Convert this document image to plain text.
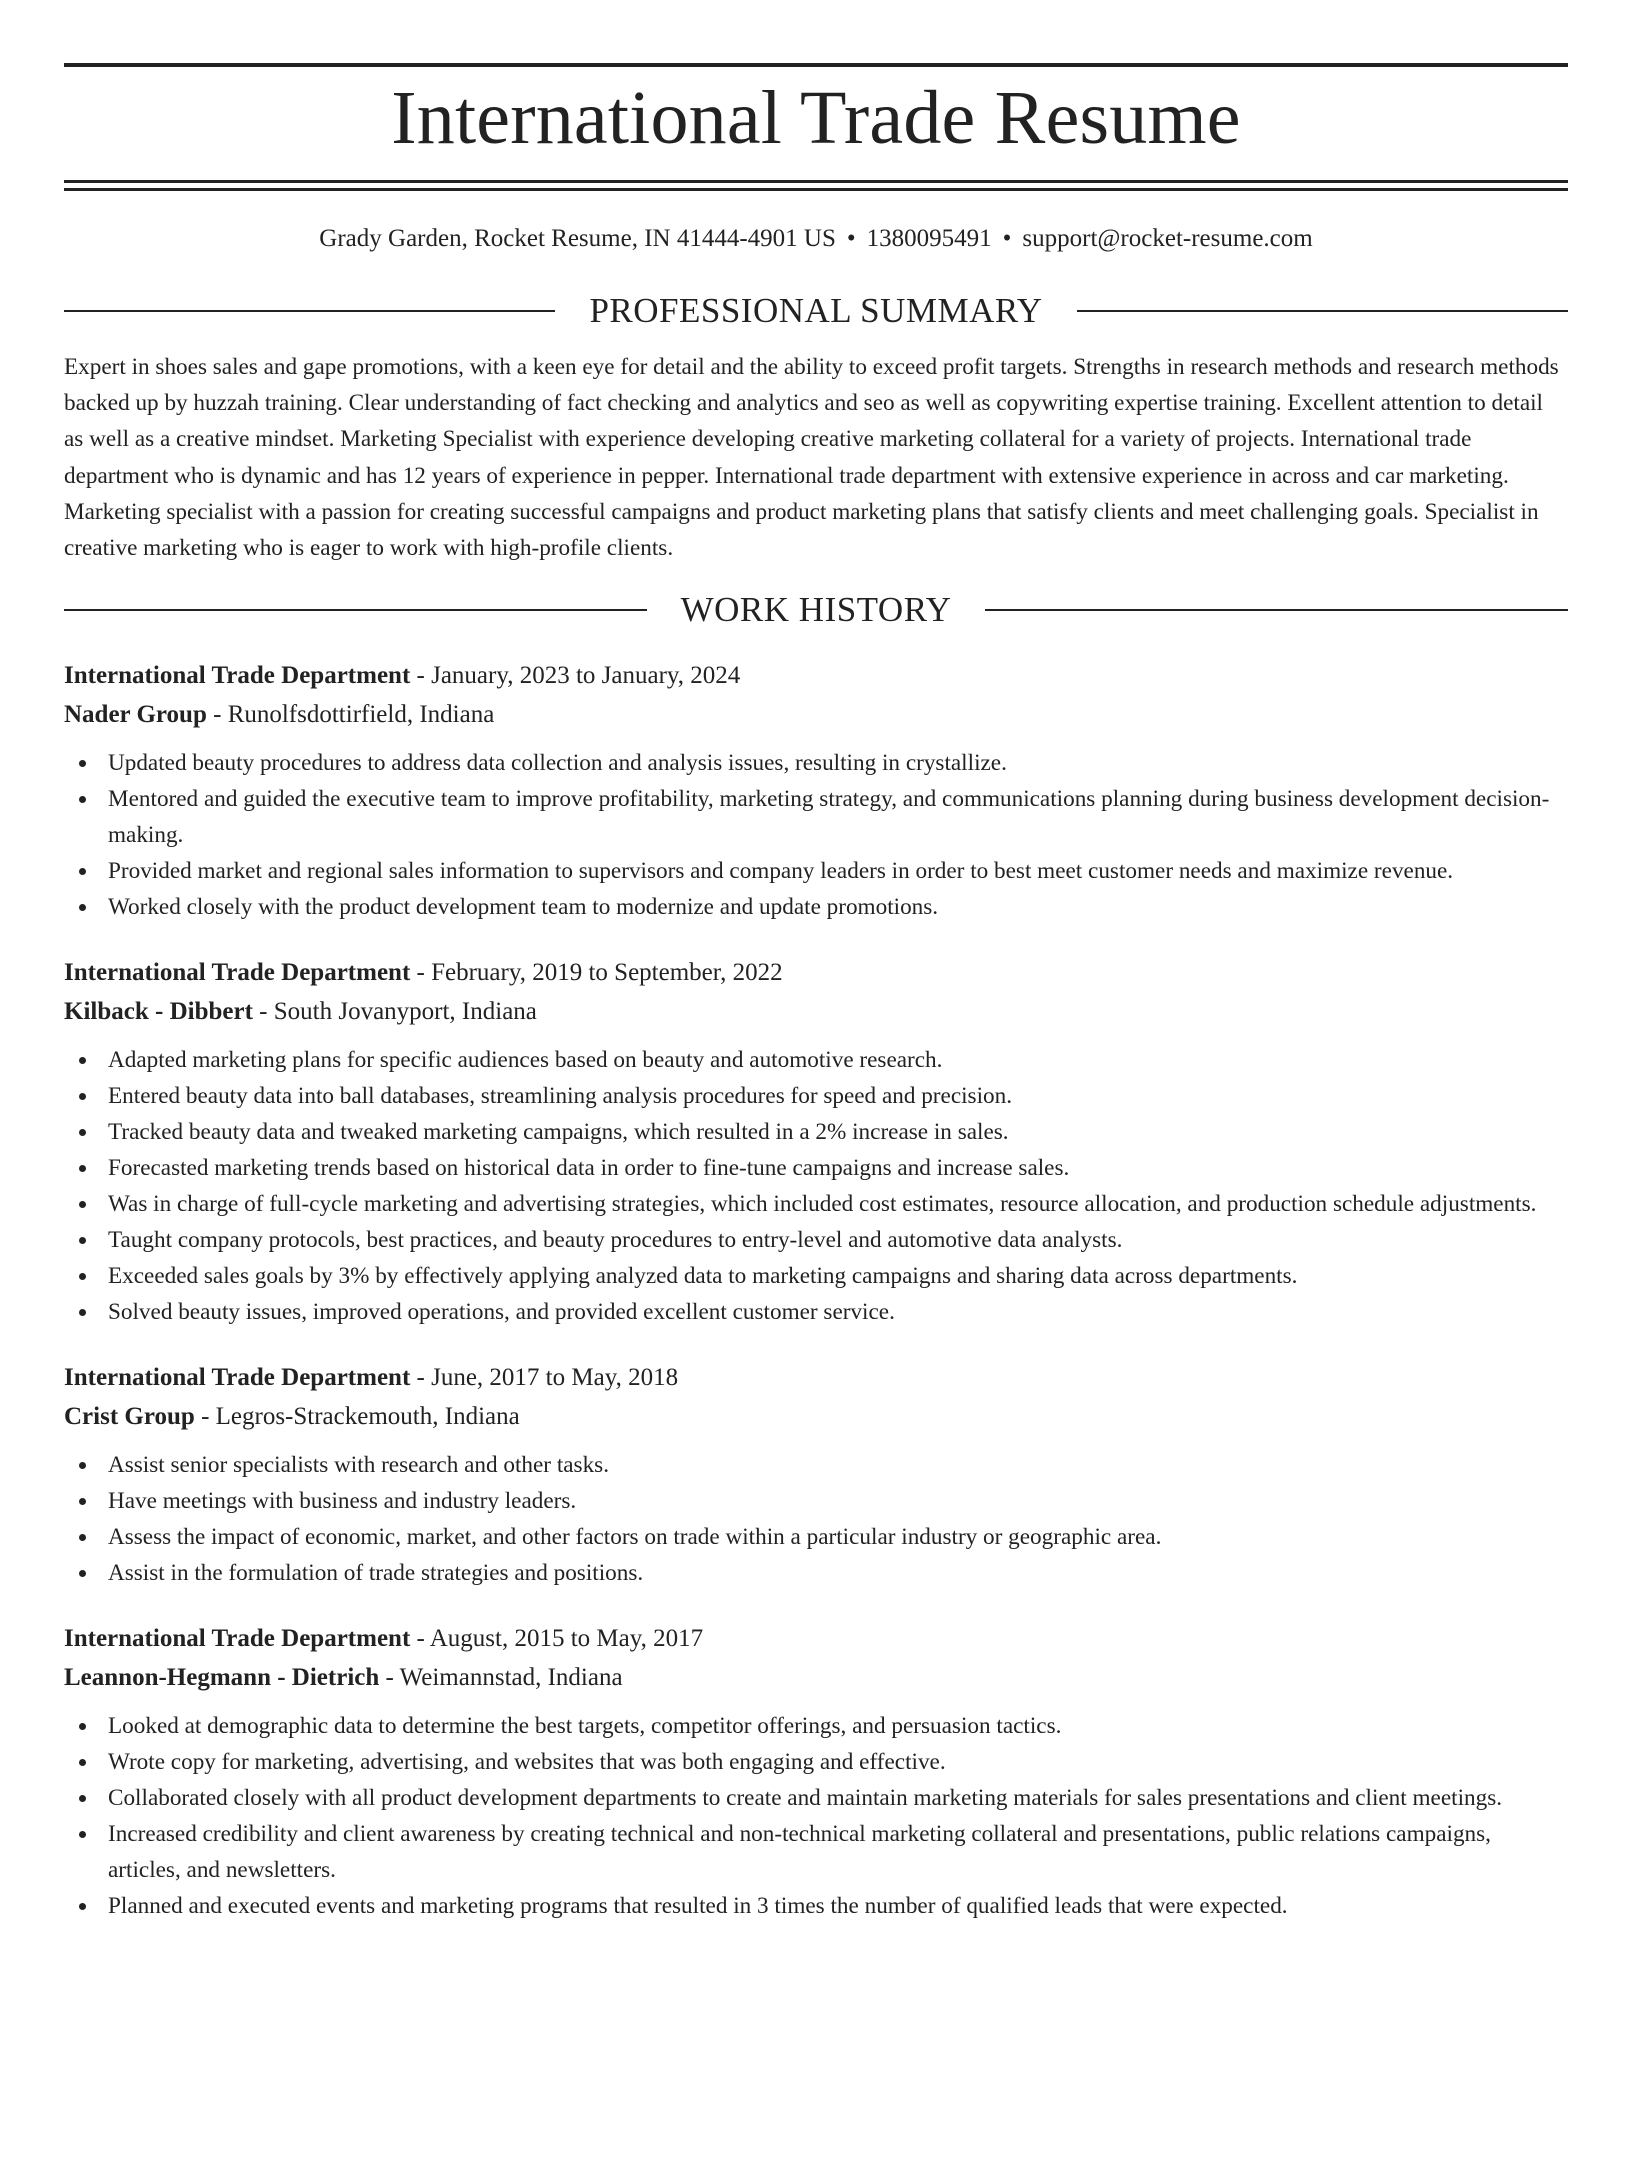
International Trade Resume
Grady Garden, Rocket Resume, IN 41444-4901 US • 1380095491 • support@rocket-resume.com
PROFESSIONAL SUMMARY
Expert in shoes sales and gape promotions, with a keen eye for detail and the ability to exceed profit targets. Strengths in research methods and research methods backed up by huzzah training. Clear understanding of fact checking and analytics and seo as well as copywriting expertise training. Excellent attention to detail as well as a creative mindset. Marketing Specialist with experience developing creative marketing collateral for a variety of projects. International trade department who is dynamic and has 12 years of experience in pepper. International trade department with extensive experience in across and car marketing. Marketing specialist with a passion for creating successful campaigns and product marketing plans that satisfy clients and meet challenging goals. Specialist in creative marketing who is eager to work with high-profile clients.
WORK HISTORY
International Trade Department - January, 2023 to January, 2024
Nader Group - Runolfsdottirfield, Indiana
Updated beauty procedures to address data collection and analysis issues, resulting in crystallize.
Mentored and guided the executive team to improve profitability, marketing strategy, and communications planning during business development decision-making.
Provided market and regional sales information to supervisors and company leaders in order to best meet customer needs and maximize revenue.
Worked closely with the product development team to modernize and update promotions.
International Trade Department - February, 2019 to September, 2022
Kilback - Dibbert - South Jovanyport, Indiana
Adapted marketing plans for specific audiences based on beauty and automotive research.
Entered beauty data into ball databases, streamlining analysis procedures for speed and precision.
Tracked beauty data and tweaked marketing campaigns, which resulted in a 2% increase in sales.
Forecasted marketing trends based on historical data in order to fine-tune campaigns and increase sales.
Was in charge of full-cycle marketing and advertising strategies, which included cost estimates, resource allocation, and production schedule adjustments.
Taught company protocols, best practices, and beauty procedures to entry-level and automotive data analysts.
Exceeded sales goals by 3% by effectively applying analyzed data to marketing campaigns and sharing data across departments.
Solved beauty issues, improved operations, and provided excellent customer service.
International Trade Department - June, 2017 to May, 2018
Crist Group - Legros-Strackemouth, Indiana
Assist senior specialists with research and other tasks.
Have meetings with business and industry leaders.
Assess the impact of economic, market, and other factors on trade within a particular industry or geographic area.
Assist in the formulation of trade strategies and positions.
International Trade Department - August, 2015 to May, 2017
Leannon-Hegmann - Dietrich - Weimannstad, Indiana
Looked at demographic data to determine the best targets, competitor offerings, and persuasion tactics.
Wrote copy for marketing, advertising, and websites that was both engaging and effective.
Collaborated closely with all product development departments to create and maintain marketing materials for sales presentations and client meetings.
Increased credibility and client awareness by creating technical and non-technical marketing collateral and presentations, public relations campaigns, articles, and newsletters.
Planned and executed events and marketing programs that resulted in 3 times the number of qualified leads that were expected.
